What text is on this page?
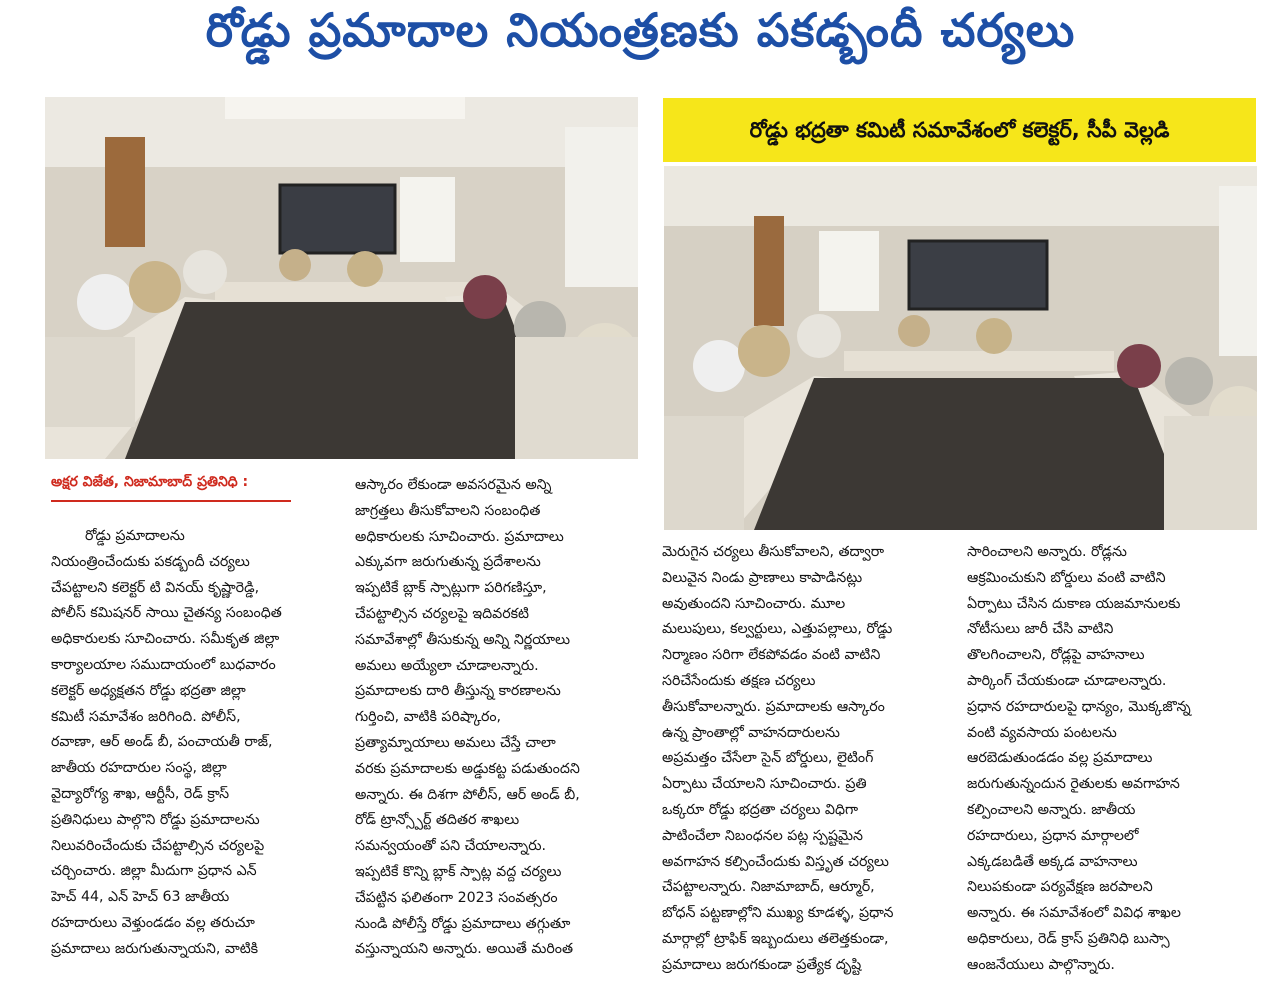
రోడ్డు ప్రమాదాల నియంత్రణకు పకడ్బందీ చర్యలు
రోడ్డు భద్రతా కమిటీ సమావేశంలో కలెక్టర్, సీపీ వెల్లడి
అక్షర విజేత, నిజామాబాద్ ప్రతినిధి :
రోడ్డు ప్రమాదాలను
నియంత్రించేందుకు పకడ్బందీ చర్యలు
చేపట్టాలని కలెక్టర్ టి వినయ్ కృష్ణారెడ్డి,
పోలీస్ కమిషనర్ సాయి చైతన్య సంబంధిత
అధికారులకు సూచించారు. సమీకృత జిల్లా
కార్యాలయాల సముదాయంలో బుధవారం
కలెక్టర్ అధ్యక్షతన రోడ్డు భద్రతా జిల్లా
కమిటీ సమావేశం జరిగింది. పోలీస్,
రవాణా, ఆర్ అండ్ బీ, పంచాయతీ రాజ్,
జాతీయ రహదారుల సంస్థ, జిల్లా
వైద్యారోగ్య శాఖ, ఆర్టీసీ, రెడ్ క్రాస్
ప్రతినిధులు పాల్గొని రోడ్డు ప్రమాదాలను
నిలువరించేందుకు చేపట్టాల్సిన చర్యలపై
చర్చించారు. జిల్లా మీదుగా ప్రధాన ఎన్
హెచ్ 44, ఎన్ హెచ్ 63 జాతీయ
రహదారులు వెళ్తుండడం వల్ల తరుచూ
ప్రమాదాలు జరుగుతున్నాయని, వాటికి
ఆస్కారం లేకుండా అవసరమైన అన్ని
జాగ్రత్తలు తీసుకోవాలని సంబంధిత
అధికారులకు సూచించారు. ప్రమాదాలు
ఎక్కువగా జరుగుతున్న ప్రదేశాలను
ఇప్పటికే బ్లాక్ స్పాట్లుగా పరిగణిస్తూ,
చేపట్టాల్సిన చర్యలపై ఇదివరకటి
సమావేశాల్లో తీసుకున్న అన్ని నిర్ణయాలు
అమలు అయ్యేలా చూడాలన్నారు.
ప్రమాదాలకు దారి తీస్తున్న కారణాలను
గుర్తించి, వాటికి పరిష్కారం,
ప్రత్యామ్నాయాలు అమలు చేస్తే చాలా
వరకు ప్రమాదాలకు అడ్డుకట్ట పడుతుందని
అన్నారు. ఈ దిశగా పోలీస్, ఆర్ అండ్ బీ,
రోడ్ ట్రాన్స్పోర్ట్ తదితర శాఖలు
సమన్వయంతో పని చేయాలన్నారు.
ఇప్పటికే కొన్ని బ్లాక్ స్పాట్ల వద్ద చర్యలు
చేపట్టిన ఫలితంగా 2023 సంవత్సరం
నుండి పోలీస్తే రోడ్డు ప్రమాదాలు తగ్గుతూ
వస్తున్నాయని అన్నారు. అయితే మరింత
మెరుగైన చర్యలు తీసుకోవాలని, తద్వారా
విలువైన నిండు ప్రాణాలు కాపాడినట్లు
అవుతుందని సూచించారు. మూల
మలుపులు, కల్వర్టులు, ఎత్తుపల్లాలు, రోడ్డు
నిర్మాణం సరిగా లేకపోవడం వంటి వాటిని
సరిచేసేందుకు తక్షణ చర్యలు
తీసుకోవాలన్నారు. ప్రమాదాలకు ఆస్కారం
ఉన్న ప్రాంతాల్లో వాహనదారులను
అప్రమత్తం చేసేలా సైన్ బోర్డులు, లైటింగ్
ఏర్పాటు చేయాలని సూచించారు. ప్రతి
ఒక్కరూ రోడ్డు భద్రతా చర్యలు విధిగా
పాటించేలా నిబంధనల పట్ల స్పష్టమైన
అవగాహన కల్పించేందుకు విస్తృత చర్యలు
చేపట్టాలన్నారు. నిజామాబాద్, ఆర్మూర్,
బోధన్ పట్టణాల్లోని ముఖ్య కూడళ్ళ, ప్రధాన
మార్గాల్లో ట్రాఫిక్ ఇబ్బందులు తలెత్తకుండా,
ప్రమాదాలు జరుగకుండా ప్రత్యేక దృష్టి
సారించాలని అన్నారు. రోడ్లను
ఆక్రమించుకుని బోర్డులు వంటి వాటిని
ఏర్పాటు చేసిన దుకాణ యజమానులకు
నోటీసులు జారీ చేసి వాటిని
తొలగించాలని, రోడ్లపై వాహనాలు
పార్కింగ్ చేయకుండా చూడాలన్నారు.
ప్రధాన రహదారులపై ధాన్యం, మొక్కజొన్న
వంటి వ్యవసాయ పంటలను
ఆరబెడుతుండడం వల్ల ప్రమాదాలు
జరుగుతున్నందున రైతులకు అవగాహన
కల్పించాలని అన్నారు. జాతీయ
రహదారులు, ప్రధాన మార్గాలలో
ఎక్కడబడితే అక్కడ వాహనాలు
నిలుపకుండా పర్యవేక్షణ జరపాలని
అన్నారు. ఈ సమావేశంలో వివిధ శాఖల
అధికారులు, రెడ్ క్రాస్ ప్రతినిధి బుస్సా
ఆంజనేయులు పాల్గొన్నారు.
